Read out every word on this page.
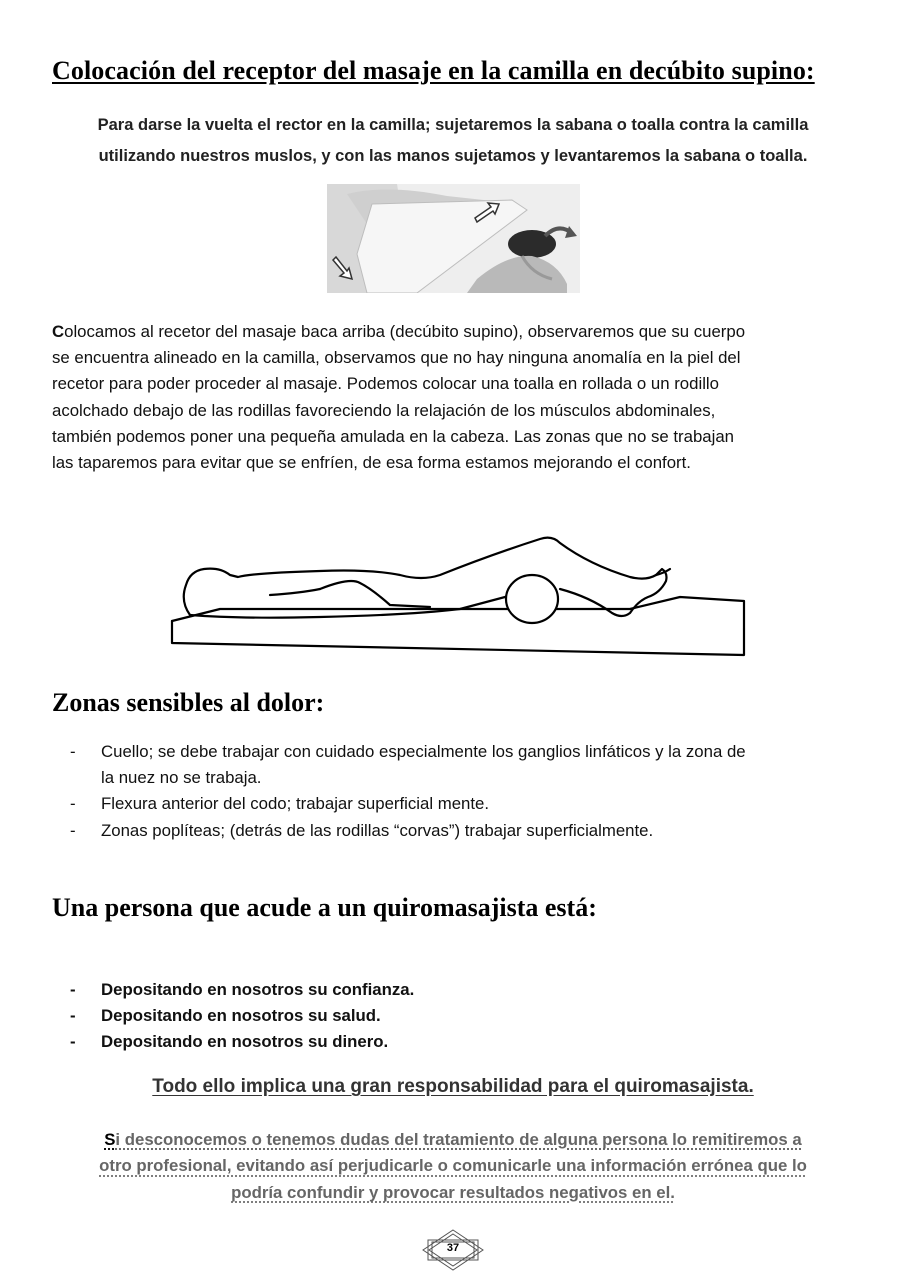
Colocación del receptor del masaje en la camilla en decúbito supino:
Para darse la vuelta el rector en la camilla; sujetaremos la sabana o toalla contra la camilla
utilizando nuestros muslos, y con las manos sujetamos y levantaremos la sabana o toalla.
Colocamos al recetor del masaje baca arriba (decúbito supino), observaremos que su cuerpo
se encuentra alineado en la camilla, observamos que no hay ninguna anomalía en la piel del
recetor para poder proceder al masaje. Podemos colocar una toalla en rollada o un rodillo
acolchado debajo de las rodillas favoreciendo la relajación de los músculos abdominales,
también podemos poner una pequeña amulada en la cabeza. Las zonas que no se trabajan
las taparemos para evitar que se enfríen, de esa forma estamos mejorando el confort.
Zonas sensibles al dolor:
- Cuello; se debe trabajar con cuidado especialmente los ganglios linfáticos y la zona de
la nuez no se trabaja.
- Flexura anterior del codo; trabajar superficial mente.
- Zonas poplíteas; (detrás de las rodillas “corvas”) trabajar superficialmente.
Una persona que acude a un quiromasajista está:
- Depositando en nosotros su confianza.
- Depositando en nosotros su salud.
- Depositando en nosotros su dinero.
Todo ello implica una gran responsabilidad para el quiromasajista.
Si desconocemos o tenemos dudas del tratamiento de alguna persona lo remitiremos a
otro profesional, evitando así perjudicarle o comunicarle una información errónea que lo
podría confundir y provocar resultados negativos en el.
37
